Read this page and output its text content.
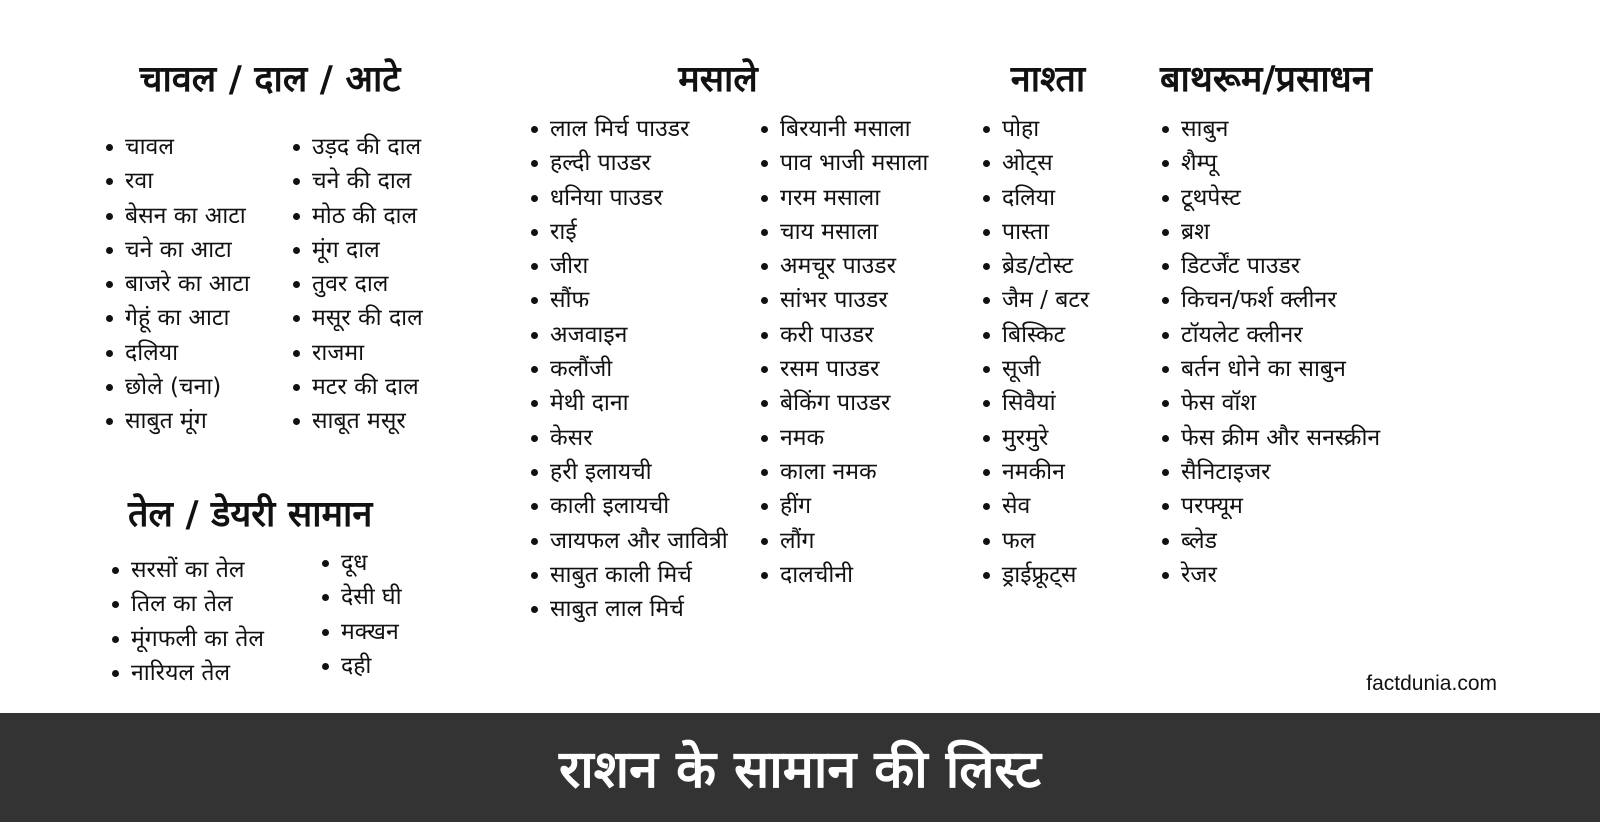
चावल / दाल / आटे
चावल
रवा
बेसन का आटा
चने का आटा
बाजरे का आटा
गेहूं का आटा
दलिया
छोले (चना)
साबुत मूंग
उड़द की दाल
चने की दाल
मोठ की दाल
मूंग दाल
तुवर दाल
मसूर की दाल
राजमा
मटर की दाल
साबूत मसूर
तेल / डेयरी सामान
सरसों का तेल
तिल का तेल
मूंगफली का तेल
नारियल तेल
दूध
देसी घी
मक्खन
दही
मसाले
लाल मिर्च पाउडर
हल्दी पाउडर
धनिया पाउडर
राई
जीरा
सौंफ
अजवाइन
कलौंजी
मेथी दाना
केसर
हरी इलायची
काली इलायची
जायफल और जावित्री
साबुत काली मिर्च
साबुत लाल मिर्च
बिरयानी मसाला
पाव भाजी मसाला
गरम मसाला
चाय मसाला
अमचूर पाउडर
सांभर पाउडर
करी पाउडर
रसम पाउडर
बेकिंग पाउडर
नमक
काला नमक
हींग
लौंग
दालचीनी
नाश्ता
पोहा
ओट्स
दलिया
पास्ता
ब्रेड/टोस्ट
जैम / बटर
बिस्किट
सूजी
सिवैयां
मुरमुरे
नमकीन
सेव
फल
ड्राईफ्रूट्स
बाथरूम/प्रसाधन
साबुन
शैम्पू
टूथपेस्ट
ब्रश
डिटर्जेंट पाउडर
किचन/फर्श क्लीनर
टॉयलेट क्लीनर
बर्तन धोने का साबुन
फेस वॉश
फेस क्रीम और सनस्क्रीन
सैनिटाइजर
परफ्यूम
ब्लेड
रेजर
factdunia.com
राशन के सामान की लिस्ट
